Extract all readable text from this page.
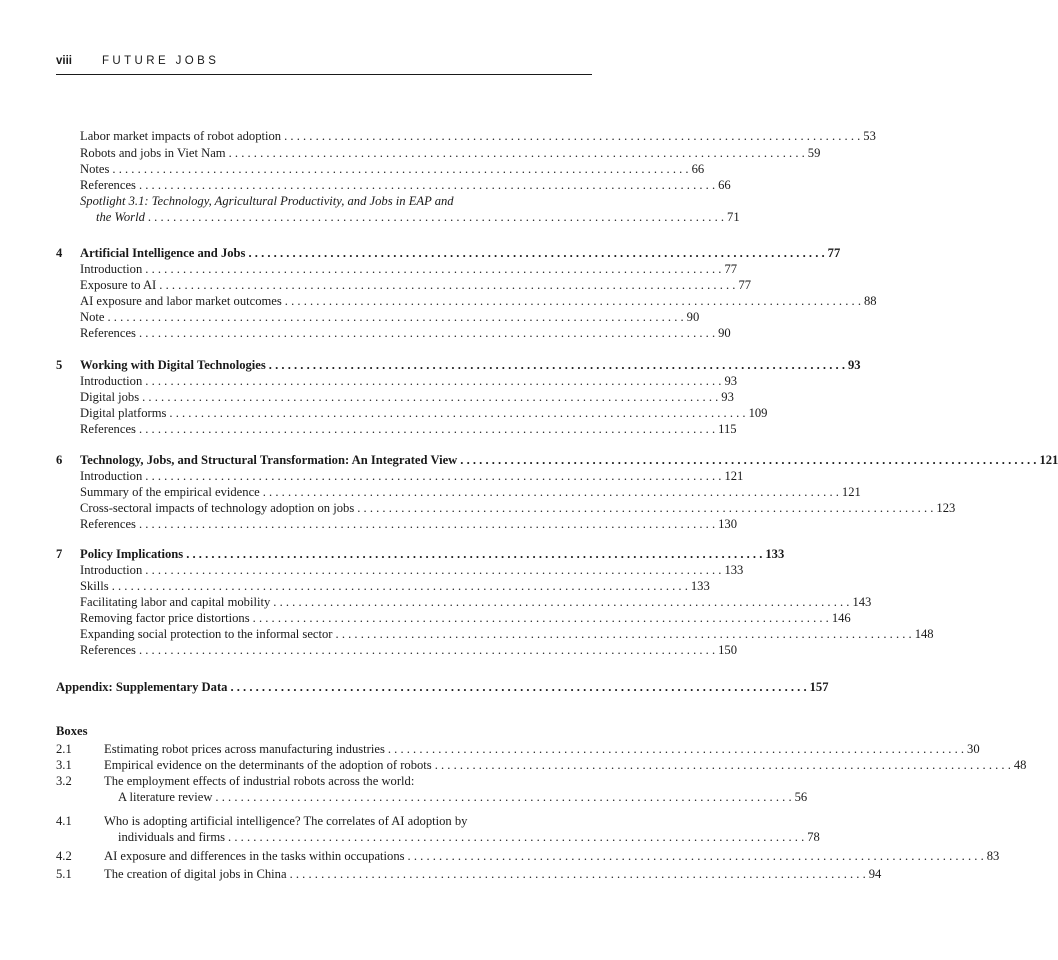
viii	FUTURE JOBS
Labor market impacts of robot adoption . . .	53
Robots and jobs in Viet Nam . . .	59
Notes . . .	66
References . . .	66
Spotlight 3.1: Technology, Agricultural Productivity, and Jobs in EAP and
the World . . .	71
4 Artificial Intelligence and Jobs . . .	77
Introduction . . .	77
Exposure to AI . . .	77
AI exposure and labor market outcomes . . .	88
Note . . .	90
References . . .	90
5 Working with Digital Technologies . . .	93
Introduction . . .	93
Digital jobs . . .	93
Digital platforms . . .	109
References . . .	115
6 Technology, Jobs, and Structural Transformation: An Integrated View . . .	121
Introduction . . .	121
Summary of the empirical evidence . . .	121
Cross-sectoral impacts of technology adoption on jobs . . .	123
References . . .	130
7 Policy Implications . . .	133
Introduction . . .	133
Skills . . .	133
Facilitating labor and capital mobility . . .	143
Removing factor price distortions . . .	146
Expanding social protection to the informal sector . . .	148
References . . .	150
Appendix: Supplementary Data . . .	157
Boxes
2.1	Estimating robot prices across manufacturing industries . . .	30
3.1	Empirical evidence on the determinants of the adoption of robots . . .	48
3.2	The employment effects of industrial robots across the world:
A literature review . . .	56
4.1	Who is adopting artificial intelligence? The correlates of AI adoption by
individuals and firms . . .	78
4.2	AI exposure and differences in the tasks within occupations . . .	83
5.1	The creation of digital jobs in China . . .	94
